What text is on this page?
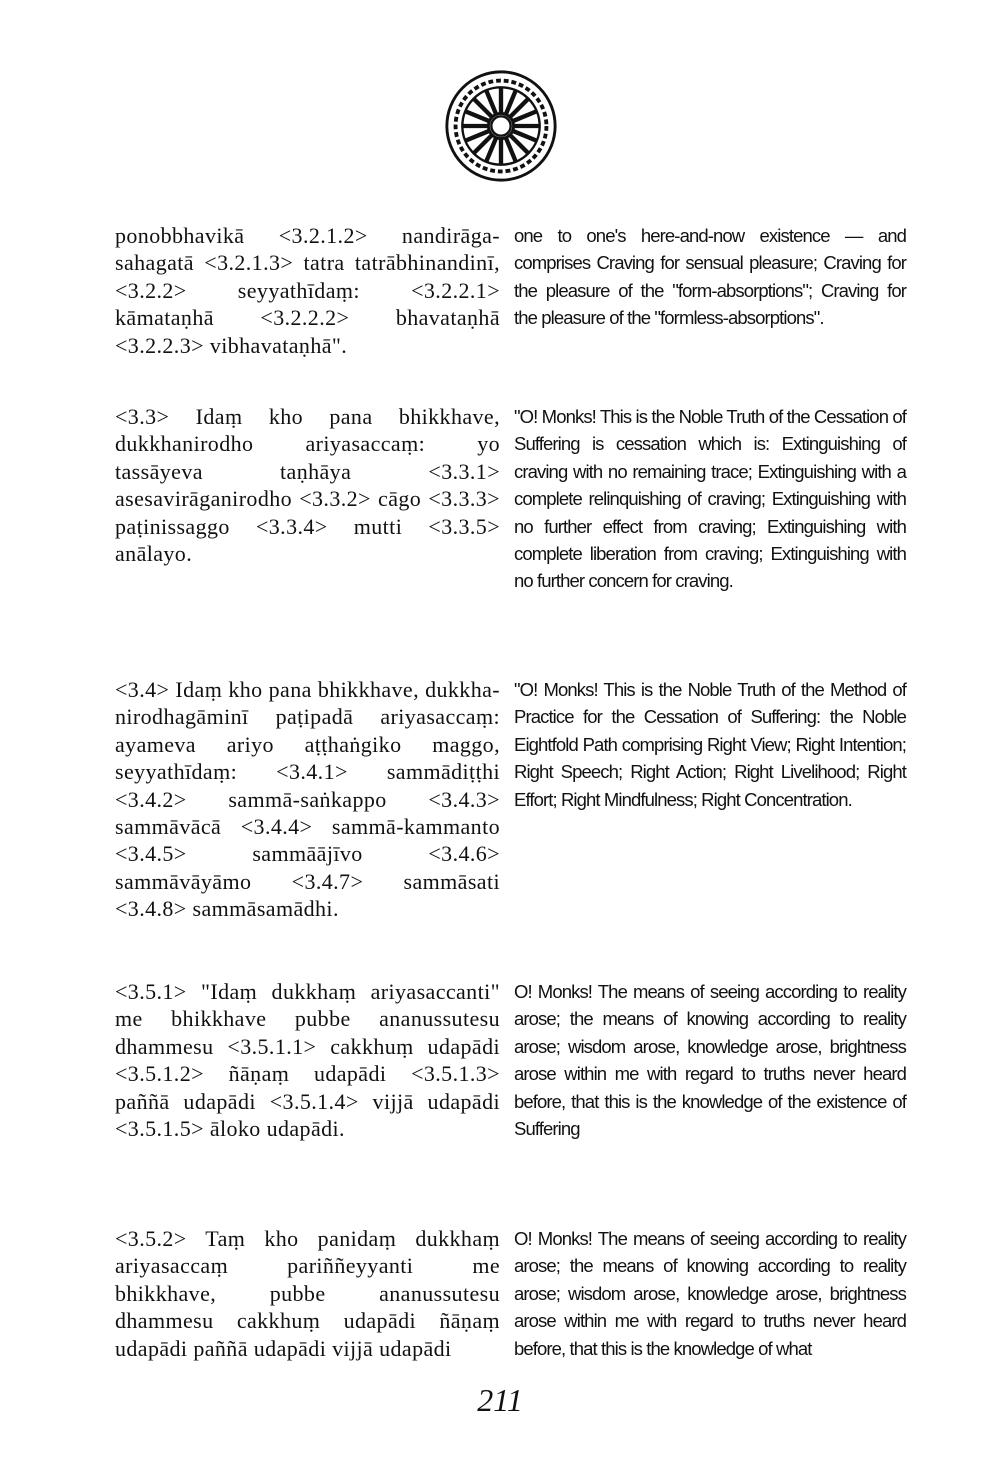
ponobbhavikā <3.2.1.2> nandirāga-sahagatā <3.2.1.3> tatra tatrābhinandinī, <3.2.2> seyyathīdaṃ: <3.2.2.1> kāmataṇhā <3.2.2.2> bhavataṇhā <3.2.2.3> vibhavataṇhā".
one to one's here-and-now existence — and comprises Craving for sensual pleasure; Craving for the pleasure of the "form-absorptions"; Craving for the pleasure of the "formless-absorptions".
<3.3> Idaṃ kho pana bhikkhave, dukkhanirodho ariyasaccaṃ: yo tassāyeva taṇhāya <3.3.1> asesavirāganirodho <3.3.2> cāgo <3.3.3> paṭinissaggo <3.3.4> mutti <3.3.5> anālayo.
"O! Monks! This is the Noble Truth of the Cessation of Suffering is cessation which is: Extinguishing of craving with no remaining trace; Extinguishing with a complete relinquishing of craving; Extinguishing with no further effect from craving; Extinguishing with complete liberation from craving; Extinguishing with no further concern for craving.
<3.4> Idaṃ kho pana bhikkhave, dukkha-nirodhagāminī paṭipadā ariyasaccaṃ: ayameva ariyo aṭṭhaṅgiko maggo, seyyathīdaṃ: <3.4.1> sammādiṭṭhi <3.4.2> sammā-saṅkappo <3.4.3> sammāvācā <3.4.4> sammā-kammanto <3.4.5> sammāājīvo <3.4.6> sammāvāyāmo <3.4.7> sammāsati <3.4.8> sammāsamādhi.
"O! Monks! This is the Noble Truth of the Method of Practice for the Cessation of Suffering: the Noble Eightfold Path comprising Right View; Right Intention; Right Speech; Right Action; Right Livelihood; Right Effort; Right Mindfulness; Right Concentration.
<3.5.1> "Idaṃ dukkhaṃ ariyasaccanti" me bhikkhave pubbe ananussutesu dhammesu <3.5.1.1> cakkhuṃ udapādi <3.5.1.2> ñāṇaṃ udapādi <3.5.1.3> paññā udapādi <3.5.1.4> vijjā udapādi <3.5.1.5> āloko udapādi.
O! Monks! The means of seeing according to reality arose; the means of knowing according to reality arose; wisdom arose, knowledge arose, brightness arose within me with regard to truths never heard before, that this is the knowledge of the existence of Suffering
<3.5.2> Taṃ kho panidaṃ dukkhaṃ ariyasaccaṃ pariññeyyanti me bhikkhave, pubbe ananussutesu dhammesu cakkhuṃ udapādi ñāṇaṃ udapādi paññā udapādi vijjā udapādi
O! Monks! The means of seeing according to reality arose; the means of knowing according to reality arose; wisdom arose, knowledge arose, brightness arose within me with regard to truths never heard before, that this is the knowledge of what
211
